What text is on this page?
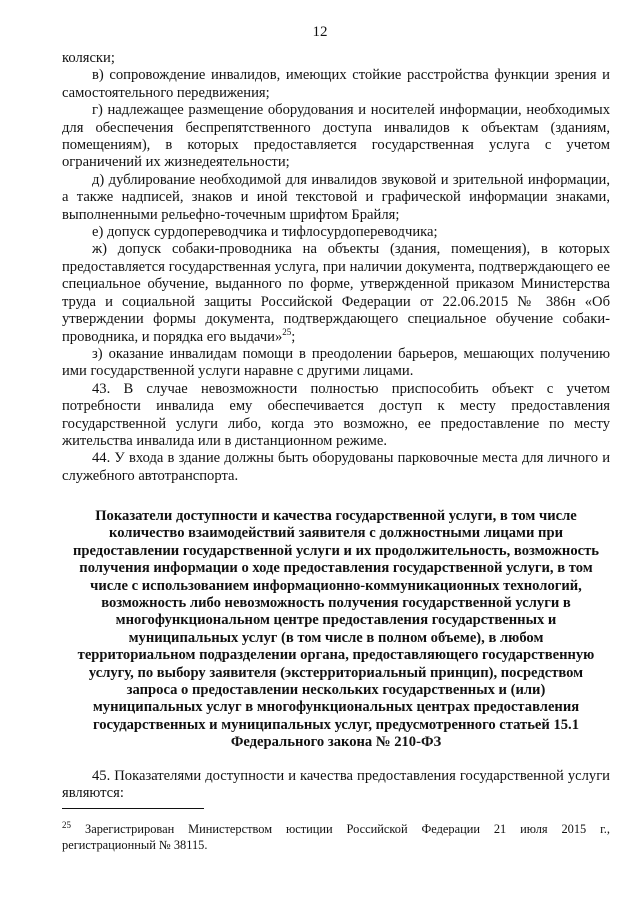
12

коляски;

в) сопровождение инвалидов, имеющих стойкие расстройства функции зрения и самостоятельного передвижения;

г) надлежащее размещение оборудования и носителей информации, необходимых для обеспечения беспрепятственного доступа инвалидов к объектам (зданиям, помещениям), в которых предоставляется государственная услуга с учетом ограничений их жизнедеятельности;

д) дублирование необходимой для инвалидов звуковой и зрительной информации, а также надписей, знаков и иной текстовой и графической информации знаками, выполненными рельефно-точечным шрифтом Брайля;

е) допуск сурдопереводчика и тифлосурдопереводчика;

ж) допуск собаки-проводника на объекты (здания, помещения), в которых предоставляется государственная услуга, при наличии документа, подтверждающего ее специальное обучение, выданного по форме, утвержденной приказом Министерства труда и социальной защиты Российской Федерации от 22.06.2015 № 386н «Об утверждении формы документа, подтверждающего специальное обучение собаки-проводника, и порядка его выдачи»$^{25}$;

з) оказание инвалидам помощи в преодолении барьеров, мешающих получению ими государственной услуги наравне с другими лицами.

43. В случае невозможности полностью приспособить объект с учетом потребности инвалида ему обеспечивается доступ к месту предоставления государственной услуги либо, когда это возможно, ее предоставление по месту жительства инвалида или в дистанционном режиме.

44. У входа в здание должны быть оборудованы парковочные места для личного и служебного автотранспорта.

Показатели доступности и качества государственной услуги, в том числе

количество взаимодействий заявителя с должностными лицами при

предоставлении государственной услуги и их продолжительность, возможность

получения информации о ходе предоставления государственной услуги, в том

числе с использованием информационно-коммуникационных технологий,

возможность либо невозможность получения государственной услуги в

многофункциональном центре предоставления государственных и

муниципальных услуг (в том числе в полном объеме), в любом

территориальном подразделении органа, предоставляющего государственную

услугу, по выбору заявителя (экстерриториальный принцип), посредством

запроса о предоставлении нескольких государственных и (или)

муниципальных услуг в многофункциональных центрах предоставления

государственных и муниципальных услуг, предусмотренного статьей 15.1

Федерального закона № 210-ФЗ

45. Показателями доступности и качества предоставления государственной услуги являются:

$^{25}$ Зарегистрирован Министерством юстиции Российской Федерации 21 июля 2015 г., регистрационный № 38115.
